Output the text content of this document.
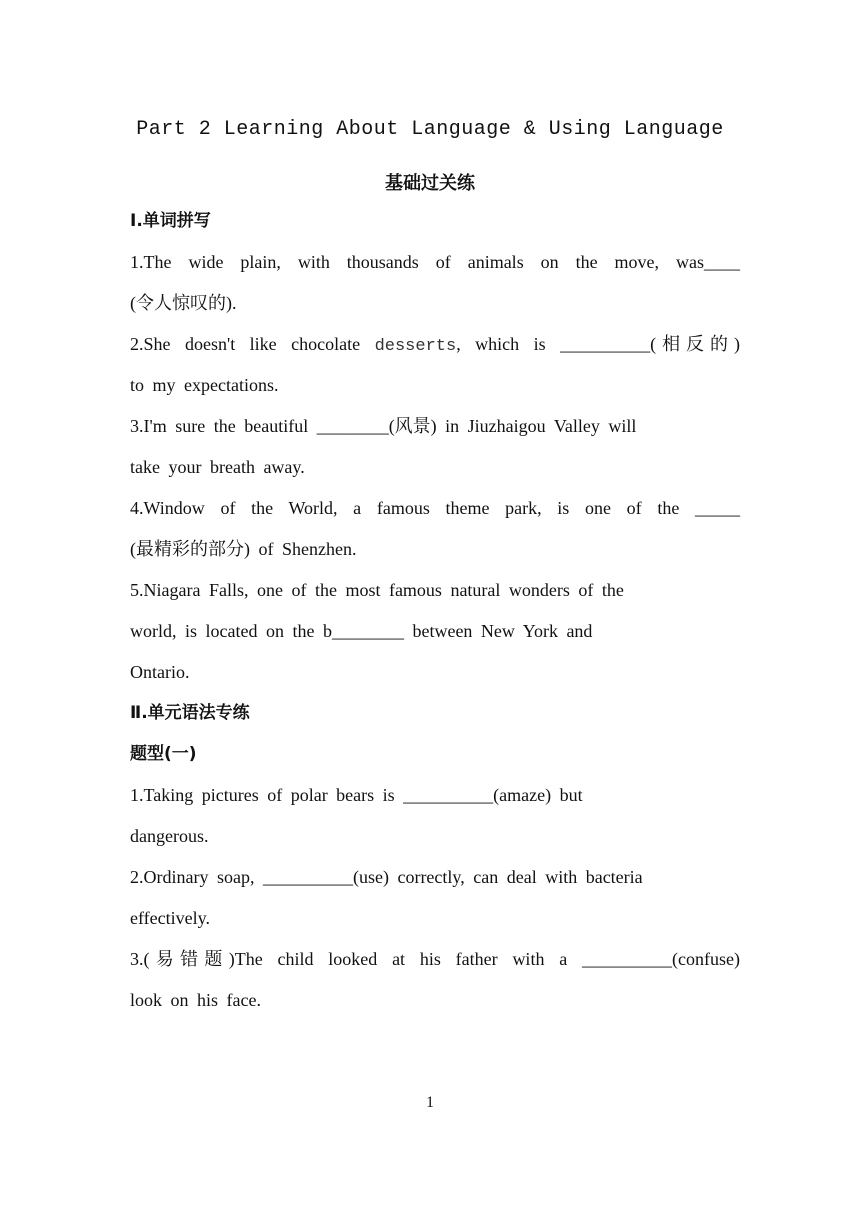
Part 2 Learning About Language & Using Language
基础过关练
Ⅰ.单词拼写
1.The wide plain, with thousands of animals on the move, was____
(令人惊叹的).
2.She doesn't like chocolate desserts, which is __________(相反的)
to my expectations.
3.I'm sure the beautiful ________(风景) in Jiuzhaigou Valley will
take your breath away.
4.Window of the World, a famous theme park, is one of the _____
(最精彩的部分) of Shenzhen.
5.Niagara Falls, one of the most famous natural wonders of the
world, is located on the b________ between New York and
Ontario.
Ⅱ.单元语法专练
题型(一)
1.Taking pictures of polar bears is __________(amaze) but
dangerous.
2.Ordinary soap, __________(use) correctly, can deal with bacteria
effectively.
3.(易错题)The child looked at his father with a __________(confuse)
look on his face.
1
